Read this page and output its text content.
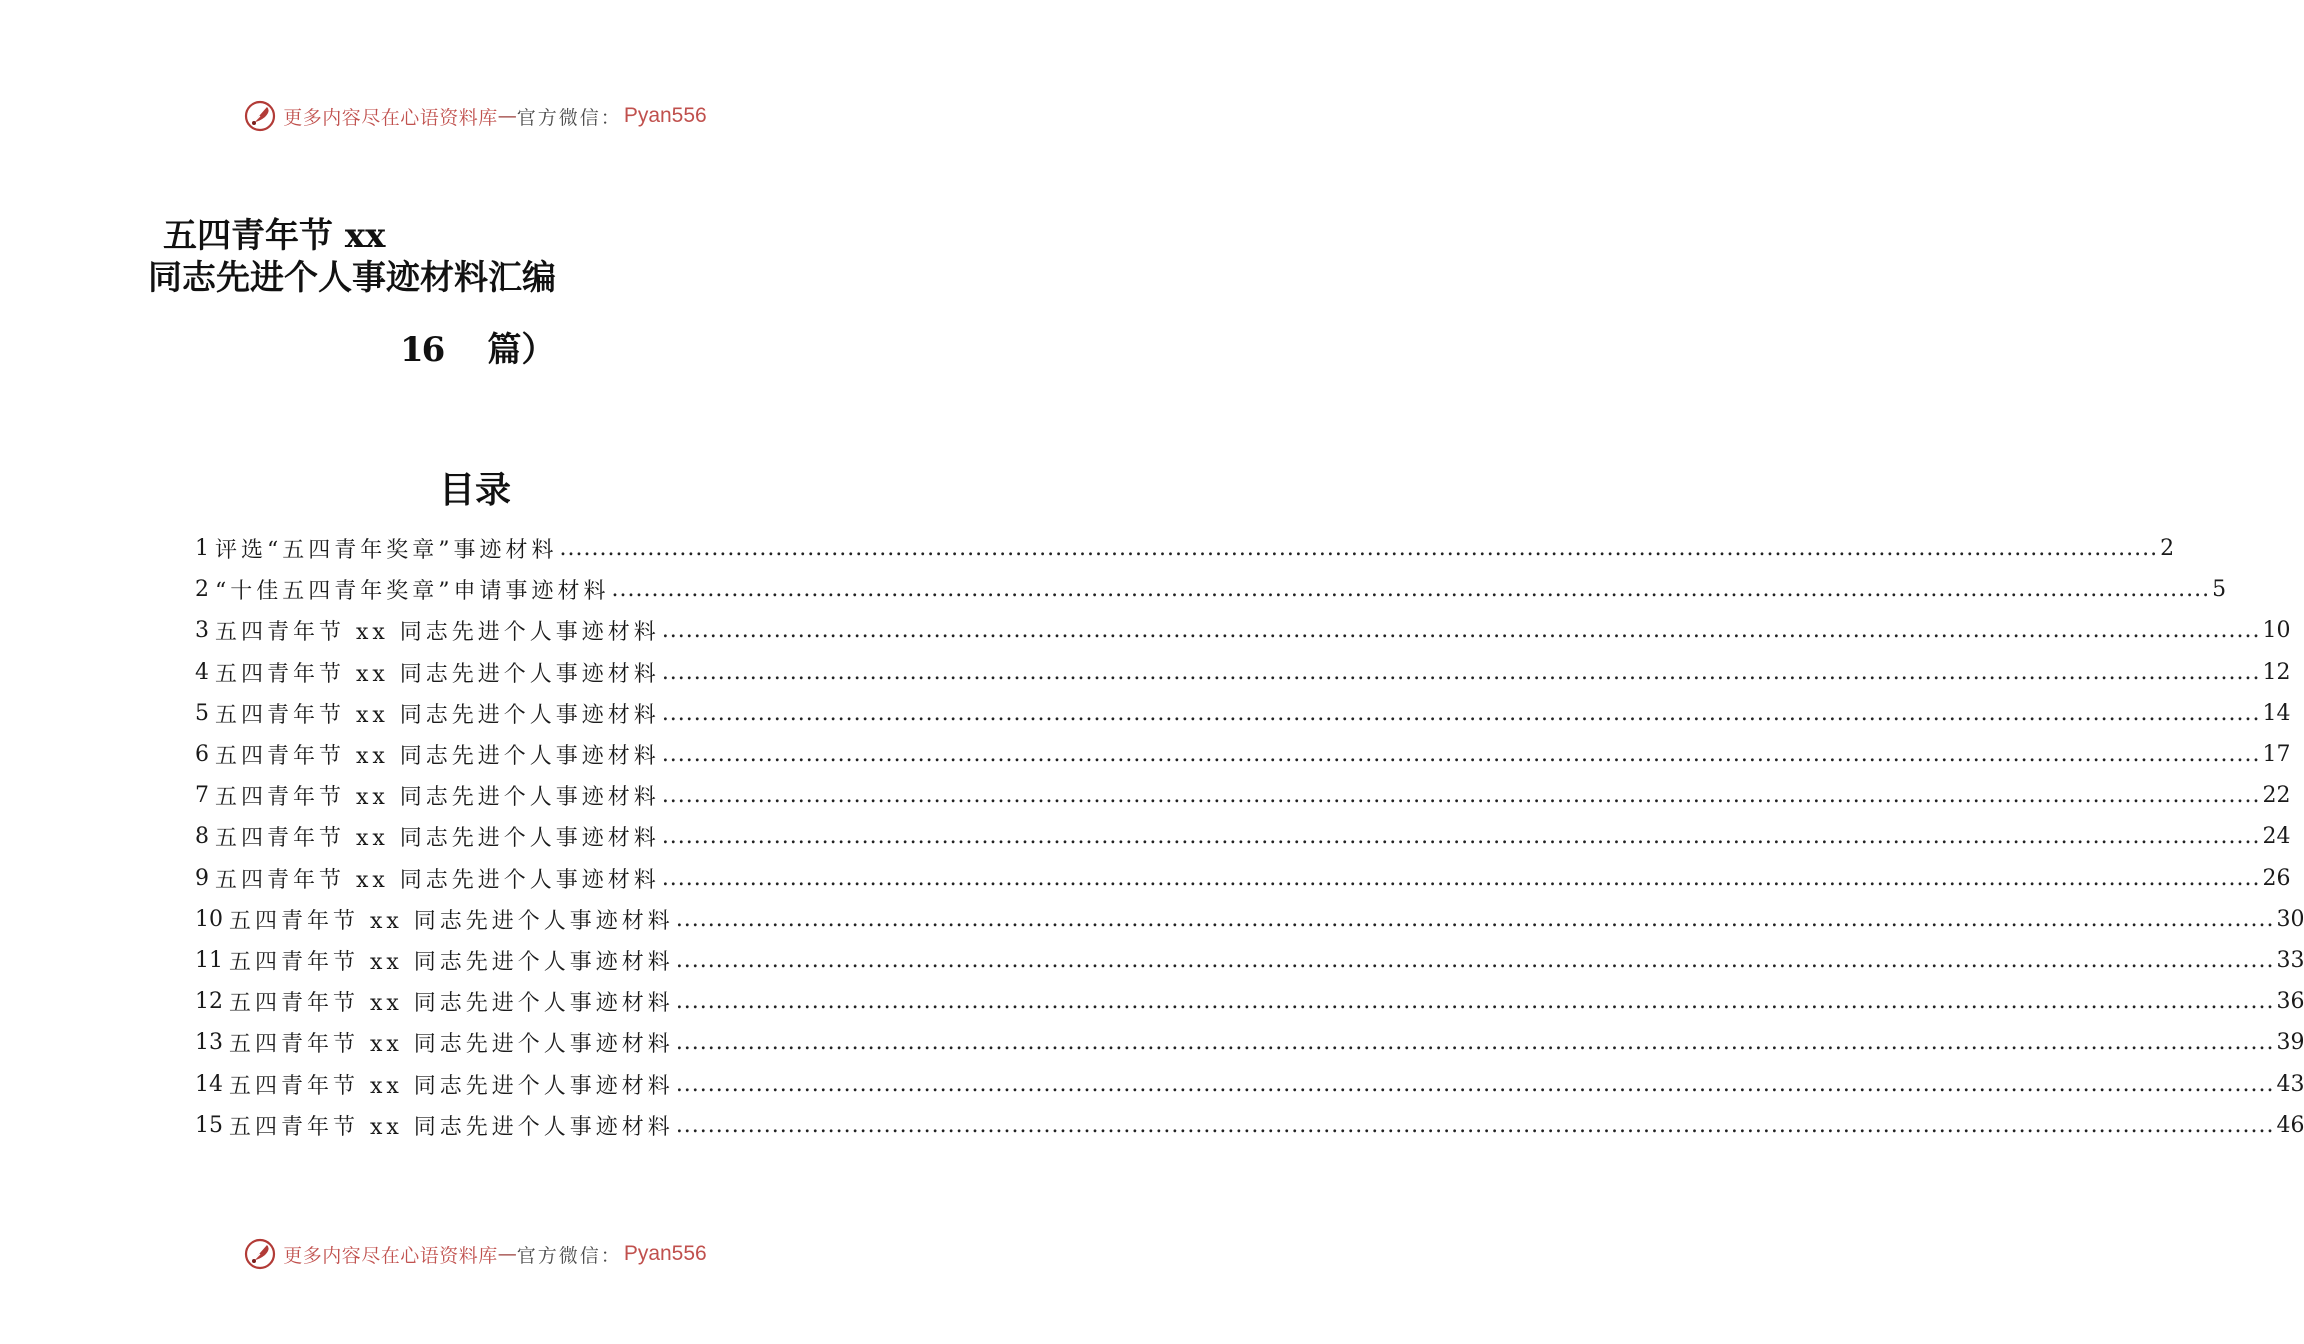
更多内容尽在心语资料库 — 官方微信： Pyan556
五四青年节 xx
同志先进个人事迹材料汇编
16 篇）
目录
1 评选“五四青年奖章”事迹材料 ........................................................................................................................................................................................................ 2
2 “十佳五四青年奖章”申请事迹材料 ........................................................................................................................................................................................................ 5
3 五四青年节 xx 同志先进个人事迹材料 ........................................................................................................................................................................................................ 10
4 五四青年节 xx 同志先进个人事迹材料 ........................................................................................................................................................................................................ 12
5 五四青年节 xx 同志先进个人事迹材料 ........................................................................................................................................................................................................ 14
6 五四青年节 xx 同志先进个人事迹材料 ........................................................................................................................................................................................................ 17
7 五四青年节 xx 同志先进个人事迹材料 ........................................................................................................................................................................................................ 22
8 五四青年节 xx 同志先进个人事迹材料 ........................................................................................................................................................................................................ 24
9 五四青年节 xx 同志先进个人事迹材料 ........................................................................................................................................................................................................ 26
10 五四青年节 xx 同志先进个人事迹材料 ........................................................................................................................................................................................................ 30
11 五四青年节 xx 同志先进个人事迹材料 ........................................................................................................................................................................................................ 33
12 五四青年节 xx 同志先进个人事迹材料 ........................................................................................................................................................................................................ 36
13 五四青年节 xx 同志先进个人事迹材料 ........................................................................................................................................................................................................ 39
14 五四青年节 xx 同志先进个人事迹材料 ........................................................................................................................................................................................................ 43
15 五四青年节 xx 同志先进个人事迹材料 ........................................................................................................................................................................................................ 46
更多内容尽在心语资料库 — 官方微信： Pyan556
